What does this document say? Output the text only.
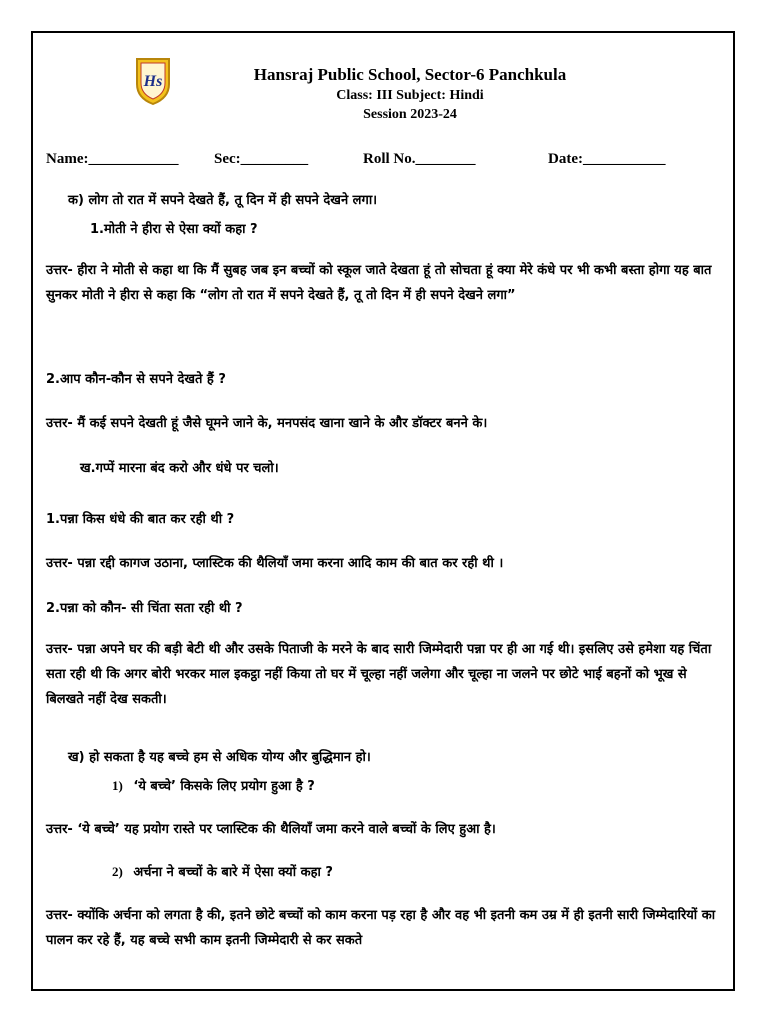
Hs	Hansraj Public School, Sector-6 Panchkula
Class: III Subject: Hindi
Session 2023-24
Name:____________ Sec:_________	Roll No.________	Date:___________
क) लोग तो रात में सपने देखते हैं, तू दिन में ही सपने देखने लगा।
1.मोती ने हीरा से ऐसा क्यों कहा ?
उत्तर- हीरा ने मोती से कहा था कि मैं सुबह जब इन बच्चों को स्कूल जाते देखता हूं तो सोचता हूं क्या मेरे कंधे पर भी कभी बस्ता होगा यह बात सुनकर मोती ने हीरा से कहा कि “लोग तो रात में सपने देखते हैं, तू तो दिन में ही सपने देखने लगा”
2.आप कौन-कौन से सपने देखते हैं ?
उत्तर- मैं कई सपने देखती हूं जैसे घूमने जाने के, मनपसंद खाना खाने के और डॉक्टर बनने के।
ख.गप्पें मारना बंद करो और धंधे पर चलो।
1.पन्ना किस धंधे की बात कर रही थी ?
उत्तर- पन्ना रद्दी कागज उठाना, प्लास्टिक की थैलियाँ जमा करना आदि काम की बात कर रही थी ।
2.पन्ना को कौन- सी चिंता सता रही थी ?
उत्तर- पन्ना अपने घर की बड़ी बेटी थी और उसके पिताजी के मरने के बाद सारी जिम्मेदारी पन्ना पर ही आ गई थी। इसलिए उसे हमेशा यह चिंता सता रही थी कि अगर बोरी भरकर माल इकट्ठा नहीं किया तो घर में चूल्हा नहीं जलेगा और चूल्हा ना जलने पर छोटे भाई बहनों को भूख से बिलखते नहीं देख सकती।
ख) हो सकता है यह बच्चे हम से अधिक योग्य और बुद्धिमान हो।
1) ‘ये बच्चे’ किसके लिए प्रयोग हुआ है ?
उत्तर- ‘ये बच्चे’ यह प्रयोग रास्ते पर प्लास्टिक की थैलियाँ जमा करने वाले बच्चों के लिए हुआ है।
2) अर्चना ने बच्चों के बारे में ऐसा क्यों कहा ?
उत्तर- क्योंकि अर्चना को लगता है की, इतने छोटे बच्चों को काम करना पड़ रहा है और वह भी इतनी कम उम्र में ही इतनी सारी जिम्मेदारियों का पालन कर रहे हैं, यह बच्चे सभी काम इतनी जिम्मेदारी से कर सकते
